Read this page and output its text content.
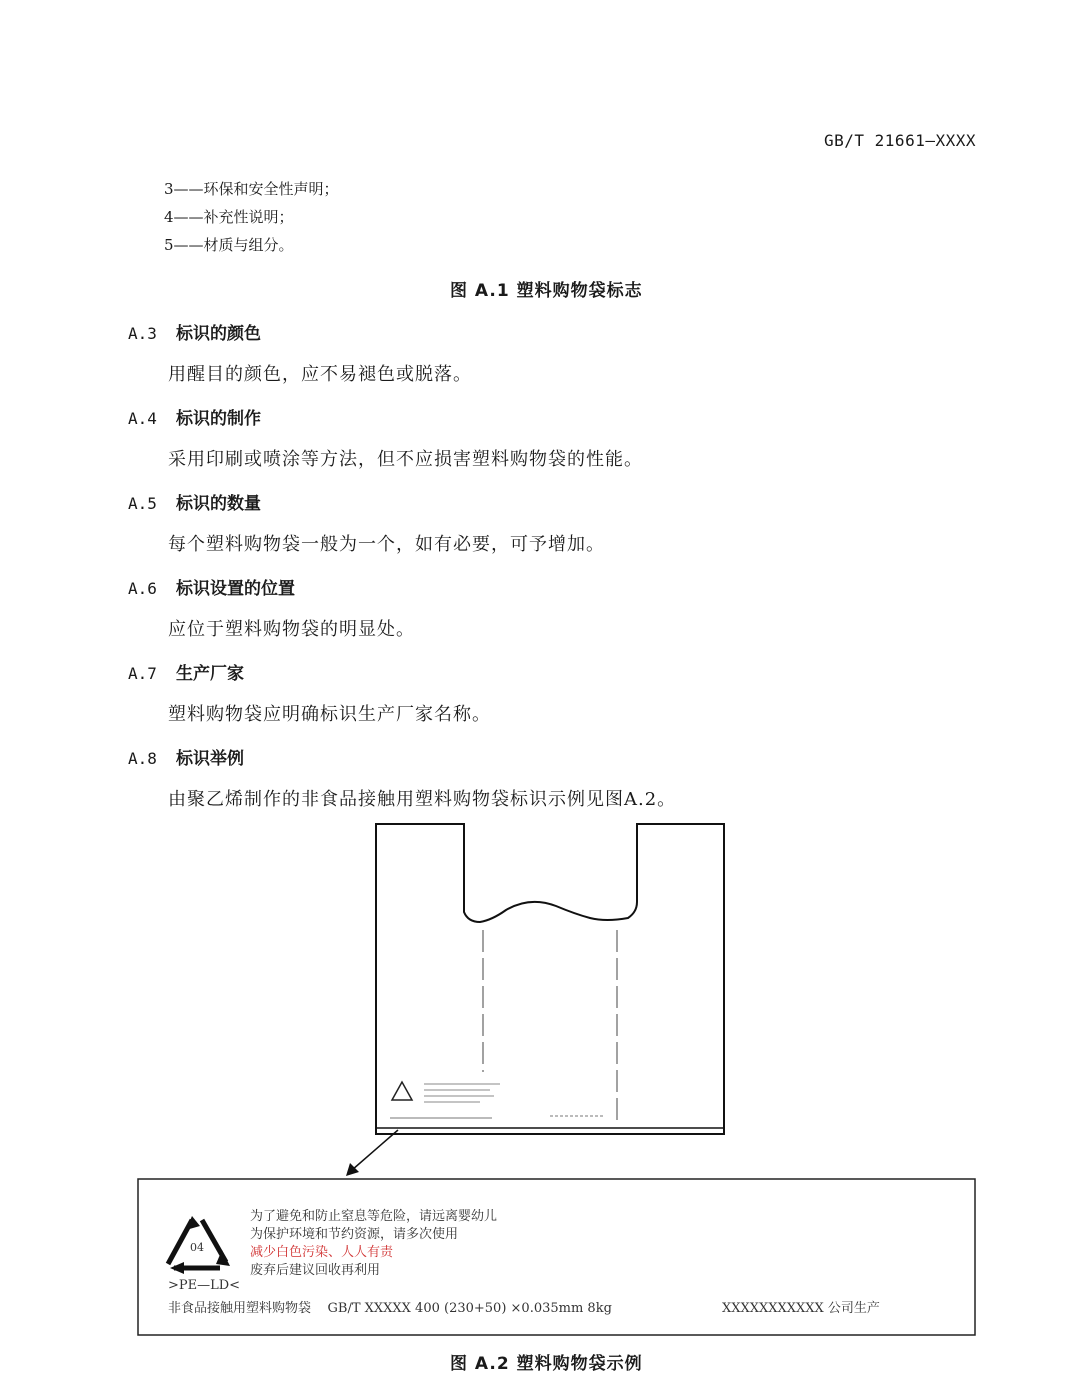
GB/T 21661—XXXX
3——环保和安全性声明；
4——补充性说明；
5——材质与组分。
图 A.1 塑料购物袋标志
A.3 标识的颜色
用醒目的颜色，应不易褪色或脱落。
A.4 标识的制作
采用印刷或喷涂等方法，但不应损害塑料购物袋的性能。
A.5 标识的数量
每个塑料购物袋一般为一个，如有必要，可予增加。
A.6 标识设置的位置
应位于塑料购物袋的明显处。
A.7 生产厂家
塑料购物袋应明确标识生产厂家名称。
A.8 标识举例
由聚乙烯制作的非食品接触用塑料购物袋标识示例见图A.2。
04
>PE—LD<
为了避免和防止窒息等危险，请远离婴幼儿
为保护环境和节约资源，请多次使用
减少白色污染、人人有责
废弃后建议回收再利用
非食品接触用塑料购物袋    GB/T XXXXX 400 (230+50) ×0.035mm 8kg	XXXXXXXXXXX 公司生产
图 A.2 塑料购物袋示例
